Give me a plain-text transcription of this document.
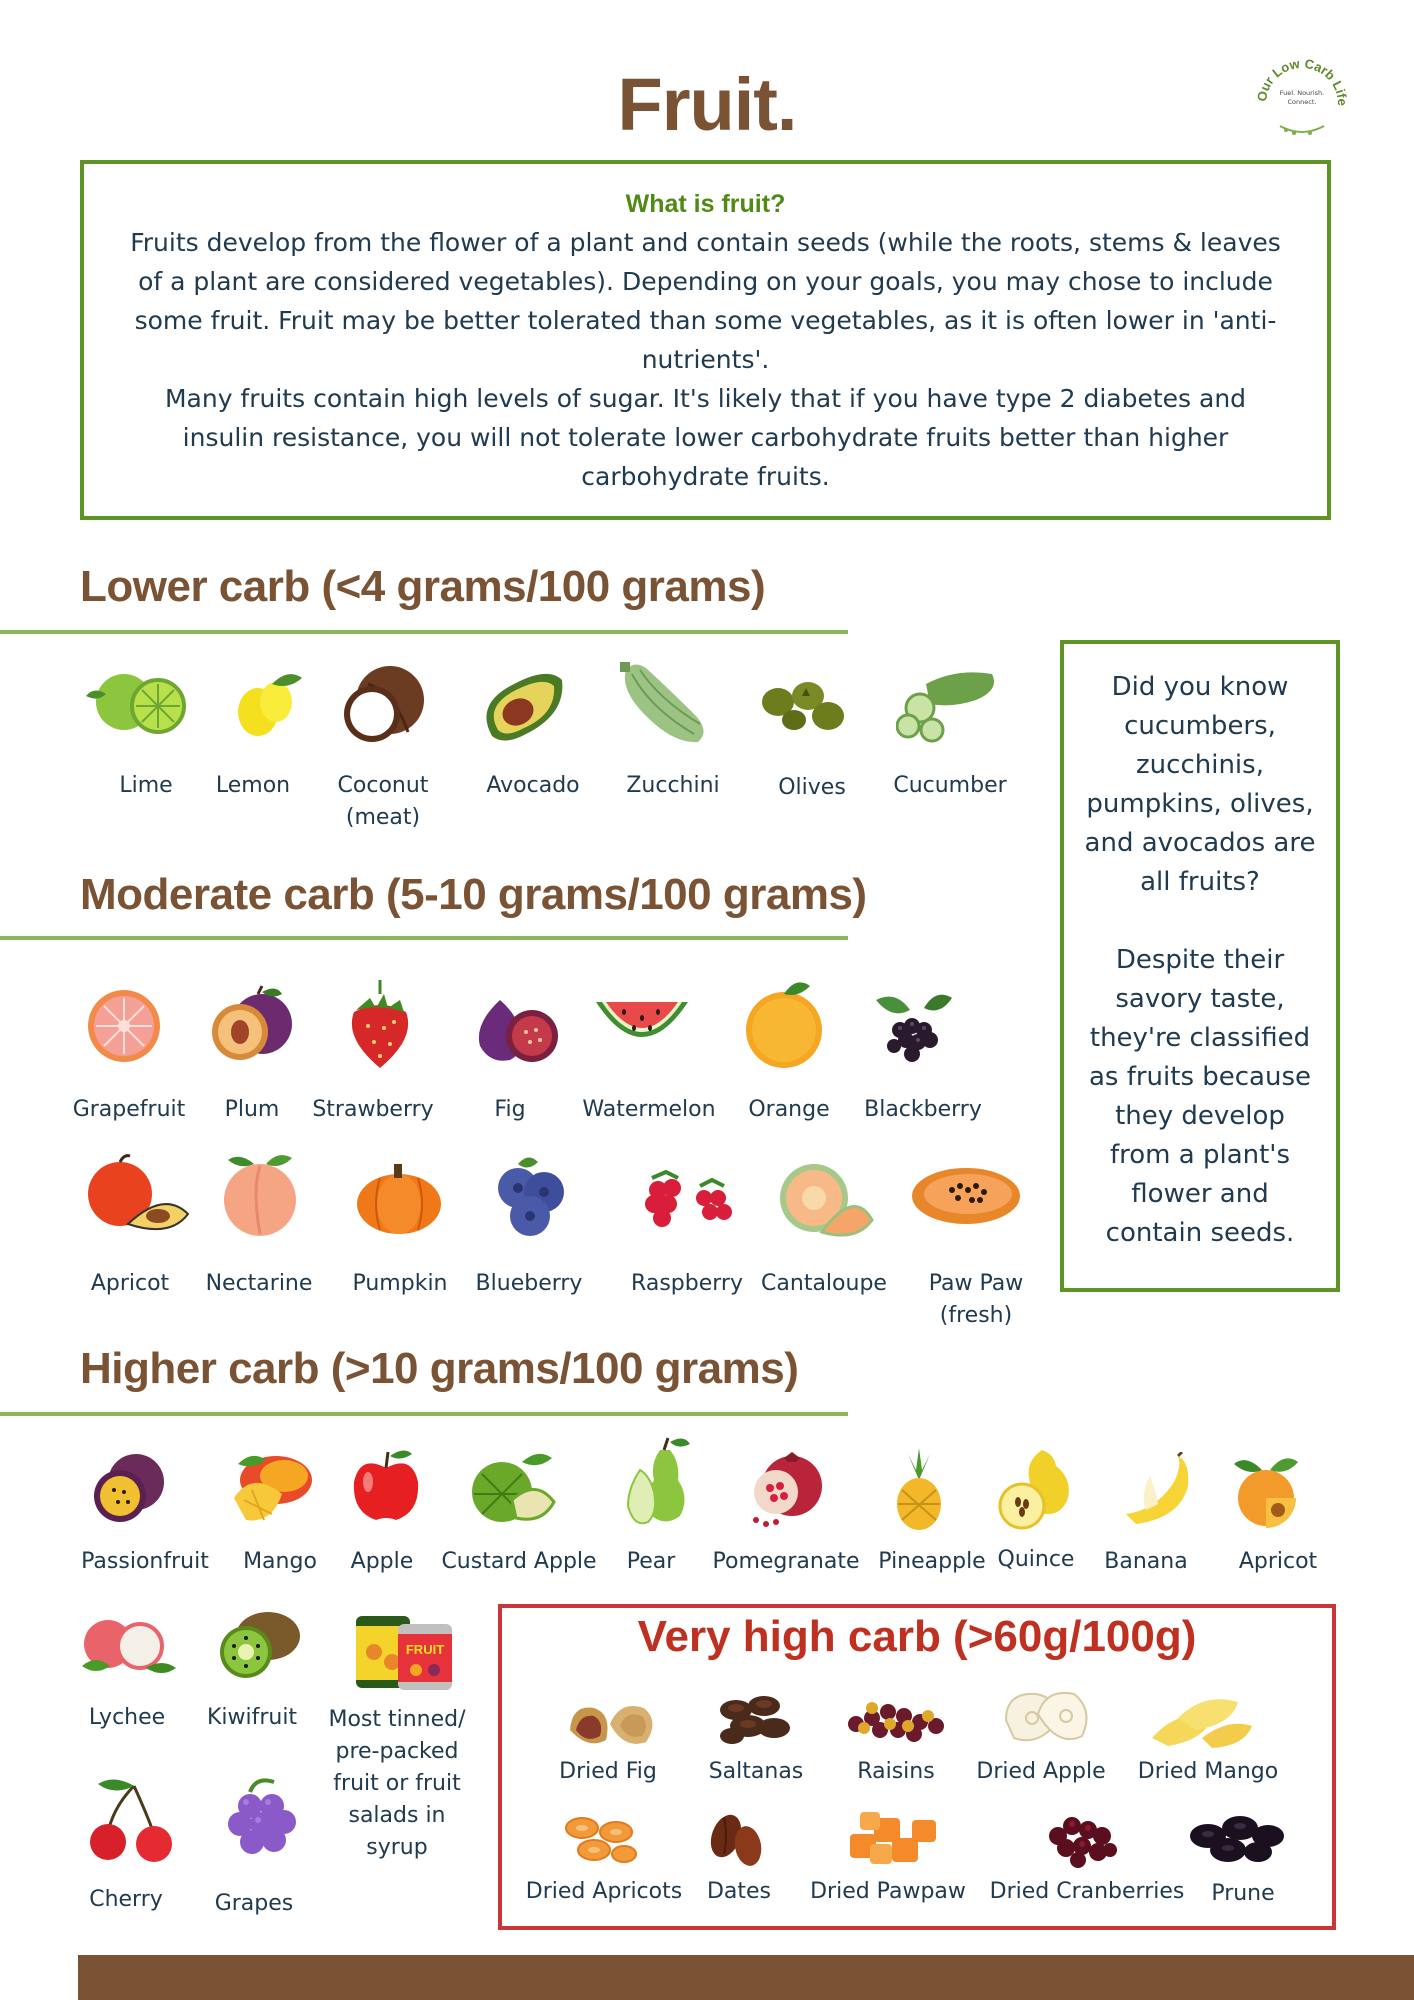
Fruit.	Our Low Carb Life
Fuel. Nourish.
Connect.
What is fruit?
Fruits develop from the flower of a plant and contain seeds (while the roots, stems & leaves of a plant are considered vegetables). Depending on your goals, you may chose to include some fruit. Fruit may be better tolerated than some vegetables, as it is often lower in 'anti-nutrients'.
Many fruits contain high levels of sugar. It's likely that if you have type 2 diabetes and insulin resistance, you will not tolerate lower carbohydrate fruits better than higher carbohydrate fruits.
Lower carb (<4 grams/100 grams)
Lime	Lemon	Coconut (meat)
Avocado	Zucchini	Olives	Cucumber

Did you know cucumbers, zucchinis, pumpkins, olives, and avocados are all fruits?

Despite their savory taste, they're classified as fruits because they develop from a plant's flower and contain seeds.

Moderate carb (5-10 grams/100 grams)
Grapefruit	Plum	Strawberry	Fig	Watermelon	Orange	Blackberry
Apricot	Nectarine	Pumpkin	Blueberry	Raspberry Cantaloupe	Paw Paw (fresh)
Higher carb (>10 grams/100 grams)
Passionfruit	Mango	Apple	Custard Apple	Pear	Pomegranate Pineapple Quince	Banana	Apricot
FRUIT
Lychee	Kiwifruit	Most tinned/ pre-packed fruit or fruit salads in syrup
Cherry	Grapes
Very high carb (>60g/100g)
Dried Fig	Saltanas	Raisins	Dried Apple	Dried Mango
Dried Apricots	Dates	Dried Pawpaw	Dried Cranberries	Prune
